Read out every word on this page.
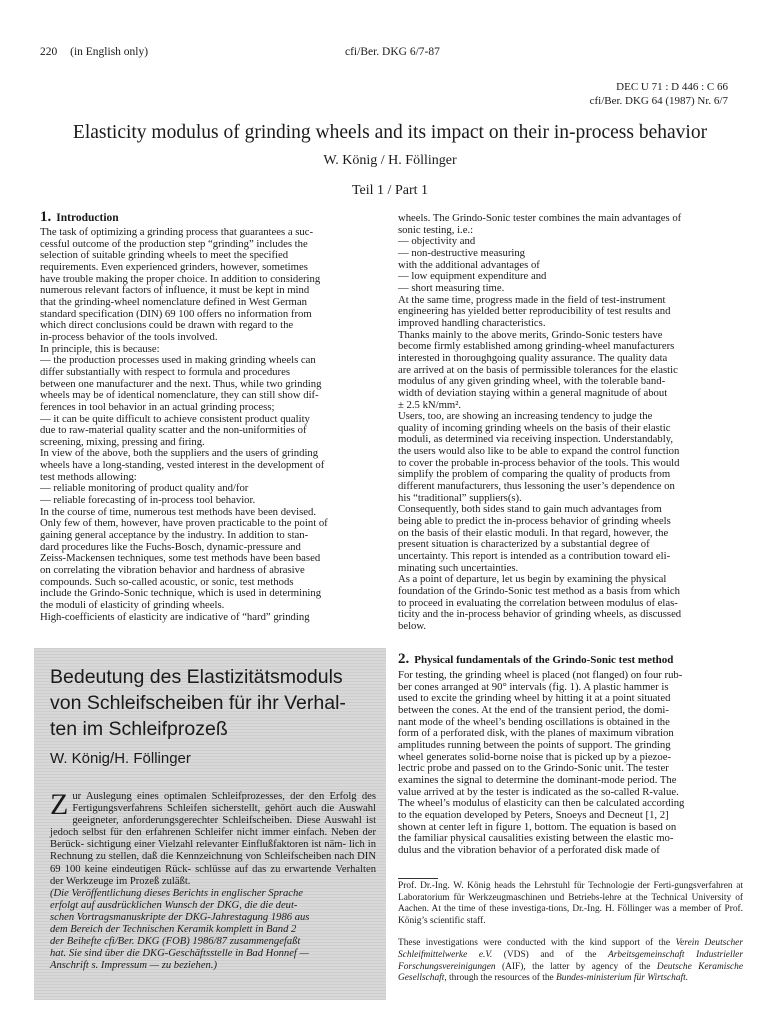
220 (in English only)	cfi/Ber. DKG 6/7-87
DEC U 71 : D 446 : C 66
cfi/Ber. DKG 64 (1987) Nr. 6/7
Elasticity modulus of grinding wheels and its impact on their in-process behavior
W. König / H. Föllinger
Teil 1 / Part 1
1. Introduction
The task of optimizing a grinding process that guarantees a suc-
cessful outcome of the production step “grinding” includes the
selection of suitable grinding wheels to meet the specified
requirements. Even experienced grinders, however, sometimes
have trouble making the proper choice. In addition to considering
numerous relevant factors of influence, it must be kept in mind
that the grinding-wheel nomenclature defined in West German
standard specification (DIN) 69 100 offers no information from
which direct conclusions could be drawn with regard to the
in-process behavior of the tools involved.
In principle, this is because:
— the production processes used in making grinding wheels can
differ substantially with respect to formula and procedures
between one manufacturer and the next. Thus, while two grinding
wheels may be of identical nomenclature, they can still show dif-
ferences in tool behavior in an actual grinding process;
— it can be quite difficult to achieve consistent product quality
due to raw-material quality scatter and the non-uniformities of
screening, mixing, pressing and firing.
In view of the above, both the suppliers and the users of grinding
wheels have a long-standing, vested interest in the development of
test methods allowing:
— reliable monitoring of product quality and/for
— reliable forecasting of in-process tool behavior.
In the course of time, numerous test methods have been devised.
Only few of them, however, have proven practicable to the point of
gaining general acceptance by the industry. In addition to stan-
dard procedures like the Fuchs-Bosch, dynamic-pressure and
Zeiss-Mackensen techniques, some test methods have been based
on correlating the vibration behavior and hardness of abrasive
compounds. Such so-called acoustic, or sonic, test methods
include the Grindo-Sonic technique, which is used in determining
the moduli of elasticity of grinding wheels.
High-coefficients of elasticity are indicative of “hard” grinding
wheels. The Grindo-Sonic tester combines the main advantages of
sonic testing, i.e.:
— objectivity and
— non-destructive measuring
with the additional advantages of
— low equipment expenditure and
— short measuring time.
At the same time, progress made in the field of test-instrument
engineering has yielded better reproducibility of test results and
improved handling characteristics.
Thanks mainly to the above merits, Grindo-Sonic testers have
become firmly established among grinding-wheel manufacturers
interested in thoroughgoing quality assurance. The quality data
are arrived at on the basis of permissible tolerances for the elastic
modulus of any given grinding wheel, with the tolerable band-
width of deviation staying within a general magnitude of about
± 2.5 kN/mm².
Users, too, are showing an increasing tendency to judge the
quality of incoming grinding wheels on the basis of their elastic
moduli, as determined via receiving inspection. Understandably,
the users would also like to be able to expand the control function
to cover the probable in-process behavior of the tools. This would
simplify the problem of comparing the quality of products from
different manufacturers, thus lessoning the user’s dependence on
his “traditional” suppliers(s).
Consequently, both sides stand to gain much advantages from
being able to predict the in-process behavior of grinding wheels
on the basis of their elastic moduli. In that regard, however, the
present situation is characterized by a substantial degree of
uncertainty. This report is intended as a contribution toward eli-
minating such uncertainties.
As a point of departure, let us begin by examining the physical
foundation of the Grindo-Sonic test method as a basis from which
to proceed in evaluating the correlation between modulus of elas-
ticity and the in-process behavior of grinding wheels, as discussed
below.
2. Physical fundamentals of the Grindo-Sonic test method
For testing, the grinding wheel is placed (not flanged) on four rub-
ber cones arranged at 90° intervals (fig. 1). A plastic hammer is
used to excite the grinding wheel by hitting it at a point situated
between the cones. At the end of the transient period, the domi-
nant mode of the wheel’s bending oscillations is obtained in the
form of a perforated disk, with the planes of maximum vibration
amplitudes running between the points of support. The grinding
wheel generates solid-borne noise that is picked up by a piezoe-
lectric probe and passed on to the Grindo-Sonic unit. The tester
examines the signal to determine the dominant-mode period. The
value arrived at by the tester is indicated as the so-called R-value.
The wheel’s modulus of elasticity can then be calculated according
to the equation developed by Peters, Snoeys and Decneut [1, 2]
shown at center left in figure 1, bottom. The equation is based on
the familiar physical causalities existing between the elastic mo-
dulus and the vibration behavior of a perforated disk made of
Bedeutung des Elastizitätsmoduls
von Schleifscheiben für ihr Verhal-
ten im Schleifprozeß
W. König/H. Föllinger
Z ur Auslegung eines optimalen Schleifprozesses, der den Erfolg des Fertigungsverfahrens Schleifen sicherstellt, gehört auch die Auswahl geeigneter, anforderungsgerechter Schleifscheiben. Diese Auswahl ist jedoch selbst für den erfahrenen Schleifer nicht immer einfach. Neben der Berück- sichtigung einer Vielzahl relevanter Einflußfaktoren ist näm- lich in Rechnung zu stellen, daß die Kennzeichnung von Schleifscheiben nach DIN 69 100 keine eindeutigen Rück- schlüsse auf das zu erwartende Verhalten der Werkzeuge im Prozeß zuläßt.
(Die Veröffentlichung dieses Berichts in englischer Sprache
erfolgt auf ausdrücklichen Wunsch der DKG, die die deut-
schen Vortragsmanuskripte der DKG-Jahrestagung 1986 aus
dem Bereich der Technischen Keramik komplett in Band 2
der Beihefte cfi/Ber. DKG (FOB) 1986/87 zusammengefaßt
hat. Sie sind über die DKG-Geschäftsstelle in Bad Honnef —
Anschrift s. Impressum — zu beziehen.)

Prof. Dr.-Ing. W. König heads the Lehrstuhl für Technologie der Ferti-gungsverfahren at Laboratorium für Werkzeugmaschinen und Betriebs-lehre at the Technical University of Aachen. At the time of these investiga-tions, Dr.-Ing. H. Föllinger was a member of Prof. König’s scientific staff.

These investigations were conducted with the kind support of the Verein Deutscher Schleifmittelwerke e.V. (VDS) and of the Arbeitsgemeinschaft Industrieller Forschungsvereinigungen (AIF), the latter by agency of the Deutsche Keramische Gesellschaft, through the resources of the Bundes-ministerium für Wirtschaft.
